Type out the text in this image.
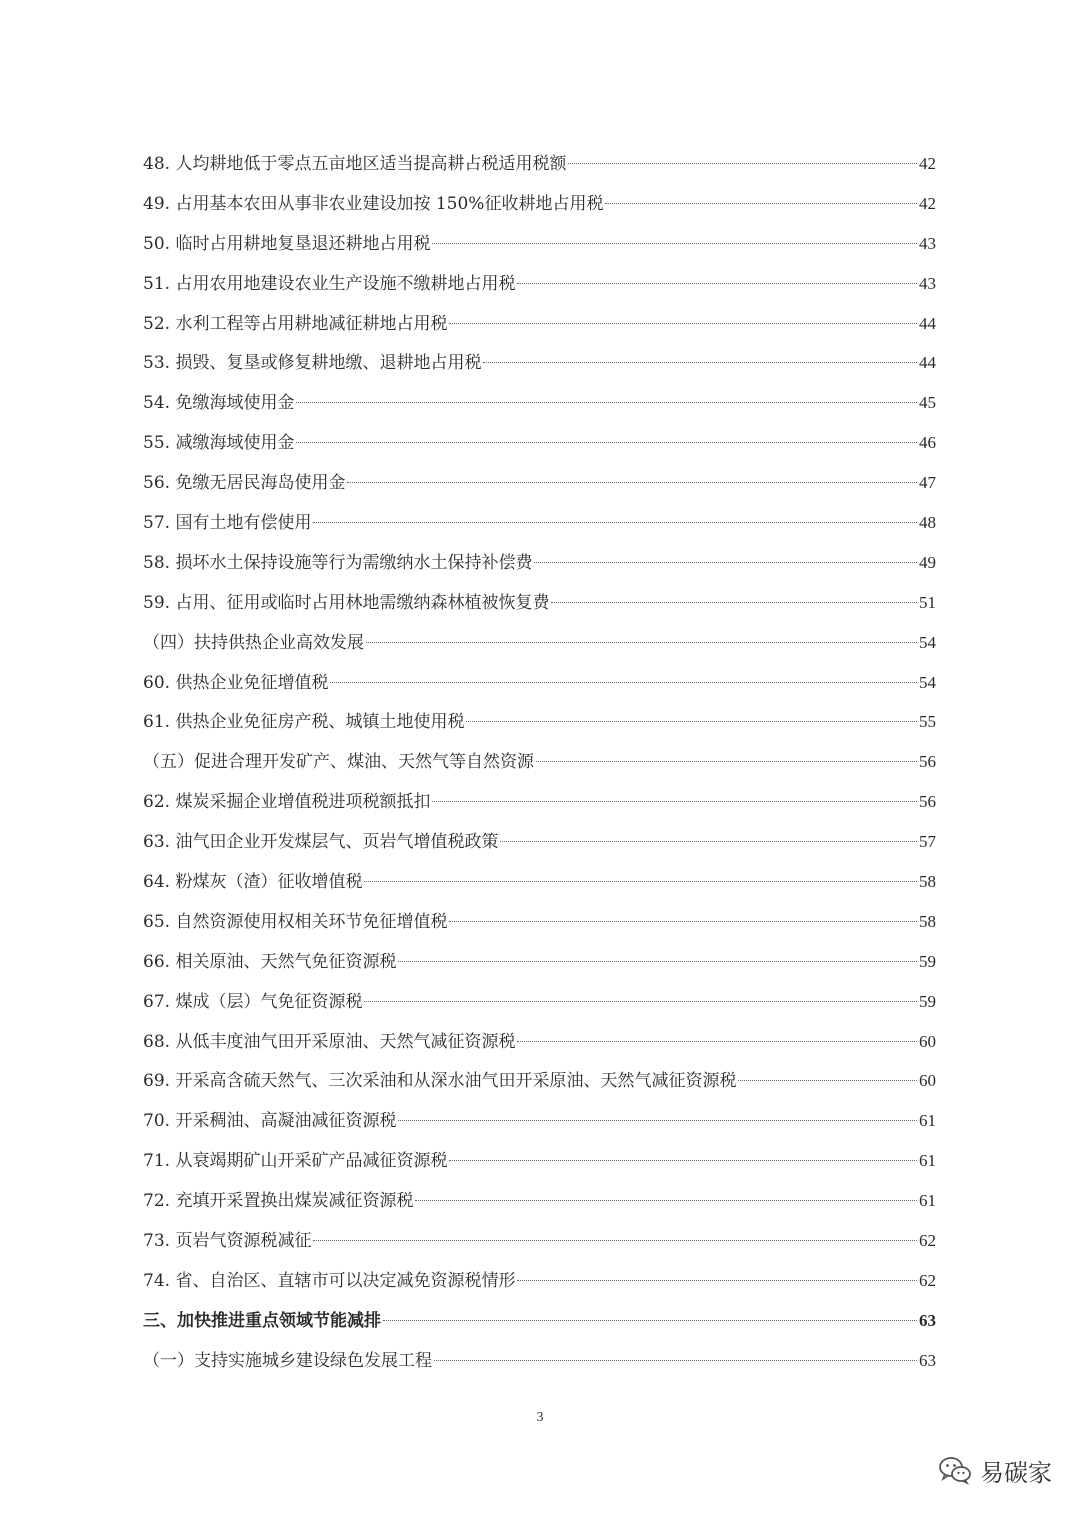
48. 人均耕地低于零点五亩地区适当提高耕占税适用税额	42
49. 占用基本农田从事非农业建设加按 150%征收耕地占用税	42
50. 临时占用耕地复垦退还耕地占用税	43
51. 占用农用地建设农业生产设施不缴耕地占用税	43
52. 水利工程等占用耕地减征耕地占用税	44
53. 损毁、复垦或修复耕地缴、退耕地占用税	44
54. 免缴海域使用金	45
55. 减缴海域使用金	46
56. 免缴无居民海岛使用金	47
57. 国有土地有偿使用	48
58. 损坏水土保持设施等行为需缴纳水土保持补偿费	49
59. 占用、征用或临时占用林地需缴纳森林植被恢复费	51
（四）扶持供热企业高效发展	54
60. 供热企业免征增值税	54
61. 供热企业免征房产税、城镇土地使用税	55
（五）促进合理开发矿产、煤油、天然气等自然资源	56
62. 煤炭采掘企业增值税进项税额抵扣	56
63. 油气田企业开发煤层气、页岩气增值税政策	57
64. 粉煤灰（渣）征收增值税	58
65. 自然资源使用权相关环节免征增值税	58
66. 相关原油、天然气免征资源税	59
67. 煤成（层）气免征资源税	59
68. 从低丰度油气田开采原油、天然气减征资源税	60
69. 开采高含硫天然气、三次采油和从深水油气田开采原油、天然气减征资源税	60
70. 开采稠油、高凝油减征资源税	61
71. 从衰竭期矿山开采矿产品减征资源税	61
72. 充填开采置换出煤炭减征资源税	61
73. 页岩气资源税减征	62
74. 省、自治区、直辖市可以决定减免资源税情形	62
三、加快推进重点领域节能减排	63
（一）支持实施城乡建设绿色发展工程	63
3
易碳家
